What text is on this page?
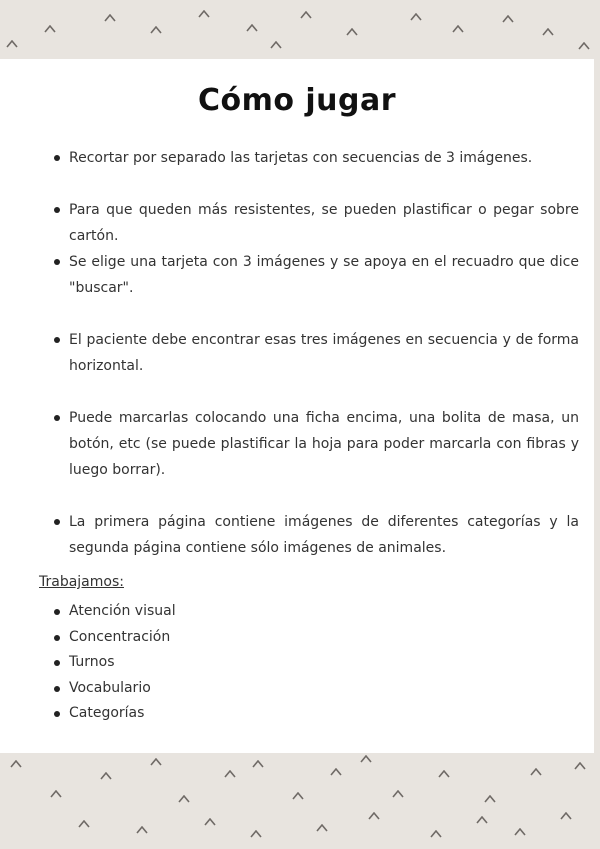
Cómo jugar
Recortar por separado las tarjetas con secuencias de 3 imágenes.
Para que queden más resistentes, se pueden plastificar o pegar sobre cartón.
Se elige una tarjeta con 3 imágenes y se apoya en el recuadro que dice "buscar".
El paciente debe encontrar esas tres imágenes en secuencia y de forma horizontal.
Puede marcarlas colocando una ficha encima, una bolita de masa, un botón, etc (se puede plastificar la hoja para poder marcarla con fibras y luego borrar).
La primera página contiene imágenes de diferentes categorías y la segunda página contiene sólo imágenes de animales.
Trabajamos:
Atención visual
Concentración
Turnos
Vocabulario
Categorías
